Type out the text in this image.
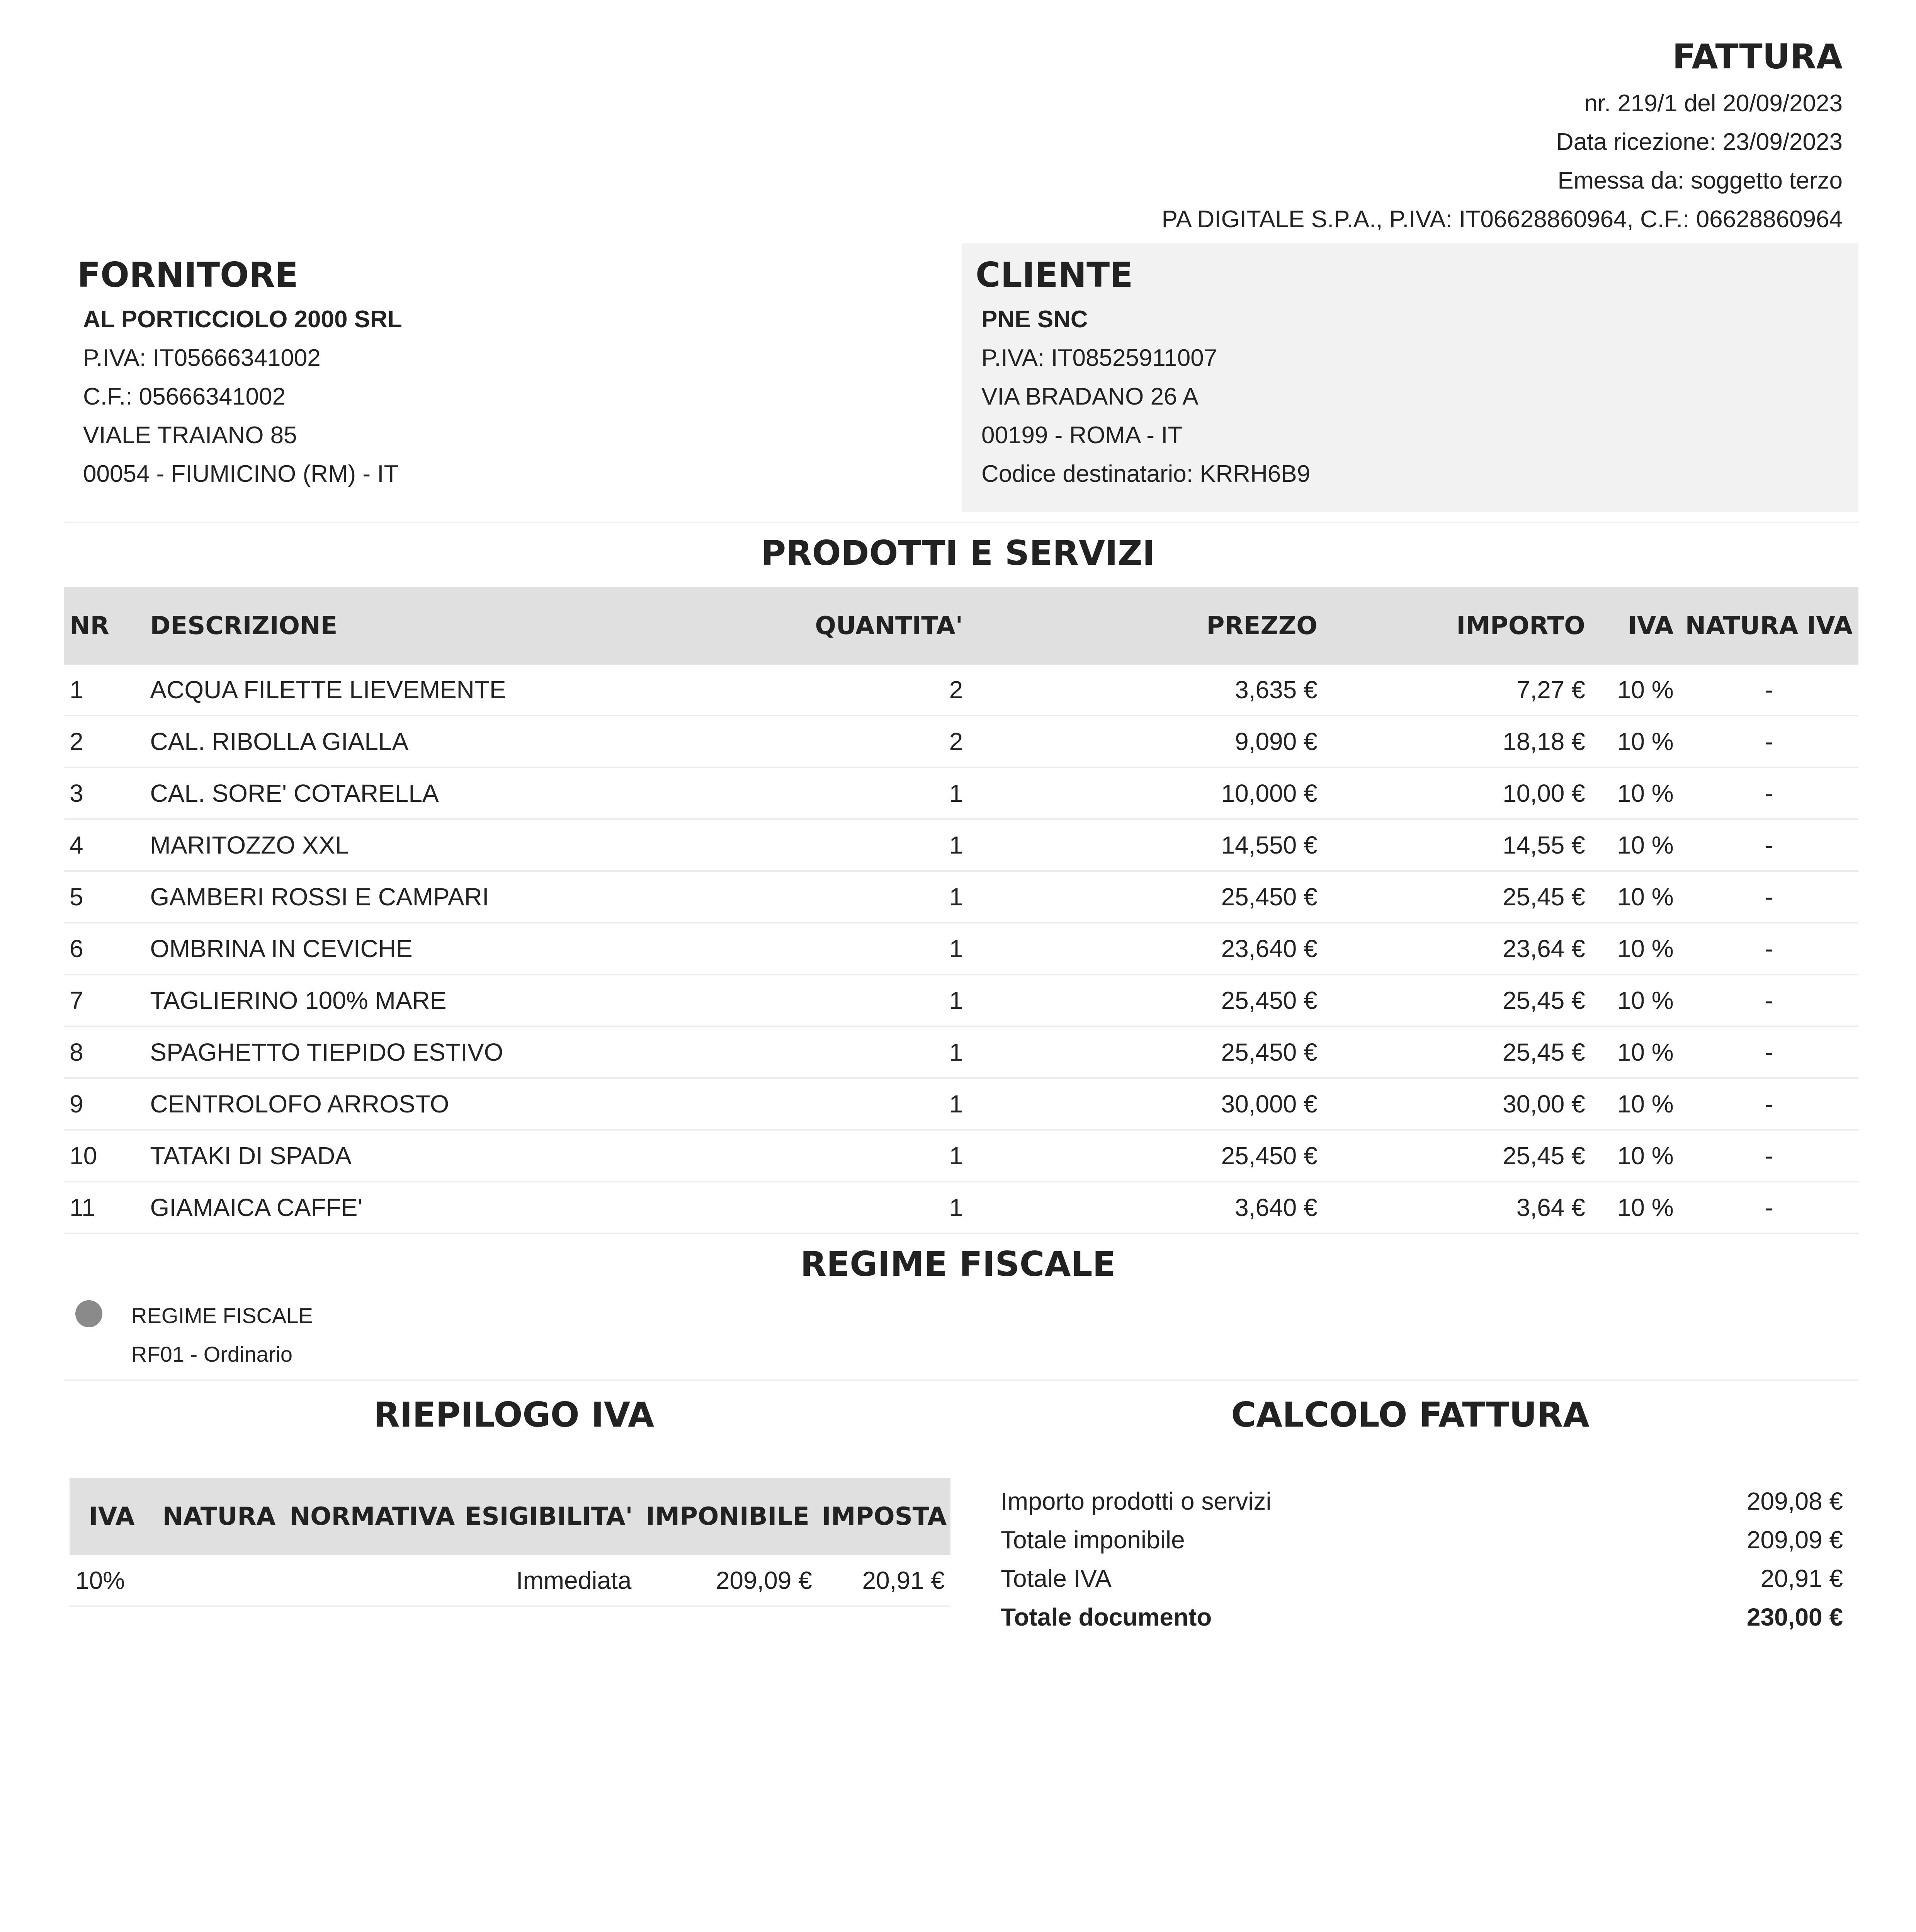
FATTURA
nr. 219/1 del 20/09/2023
Data ricezione: 23/09/2023
Emessa da: soggetto terzo
PA DIGITALE S.P.A., P.IVA: IT06628860964, C.F.: 06628860964
FORNITORE
AL PORTICCIOLO 2000 SRL
P.IVA: IT05666341002
C.F.: 05666341002
VIALE TRAIANO 85
00054 - FIUMICINO (RM) - IT
CLIENTE
PNE SNC
P.IVA: IT08525911007
VIA BRADANO 26 A
00199 - ROMA - IT
Codice destinatario: KRRH6B9
PRODOTTI E SERVIZI
NR	DESCRIZIONE	QUANTITA'	PREZZO	IMPORTO	IVA	NATURA IVA
1	ACQUA FILETTE LIEVEMENTE	2	3,635 €	7,27 €	10 %	-
2	CAL. RIBOLLA GIALLA	2	9,090 €	18,18 €	10 %	-
3	CAL. SORE' COTARELLA	1	10,000 €	10,00 €	10 %	-
4	MARITOZZO XXL	1	14,550 €	14,55 €	10 %	-
5	GAMBERI ROSSI E CAMPARI	1	25,450 €	25,45 €	10 %	-
6	OMBRINA IN CEVICHE	1	23,640 €	23,64 €	10 %	-
7	TAGLIERINO 100% MARE	1	25,450 €	25,45 €	10 %	-
8	SPAGHETTO TIEPIDO ESTIVO	1	25,450 €	25,45 €	10 %	-
9	CENTROLOFO ARROSTO	1	30,000 €	30,00 €	10 %	-
10	TATAKI DI SPADA	1	25,450 €	25,45 €	10 %	-
11	GIAMAICA CAFFE'	1	3,640 €	3,64 €	10 %	-
REGIME FISCALE
REGIME FISCALE
RF01 - Ordinario
RIEPILOGO IVA
IVA	NATURA	NORMATIVA	ESIGIBILITA'	IMPONIBILE	IMPOSTA
10%			Immediata	209,09 €	20,91 €
CALCOLO FATTURA
Importo prodotti o servizi	209,08 €
Totale imponibile	209,09 €
Totale IVA	20,91 €
Totale documento	230,00 €
